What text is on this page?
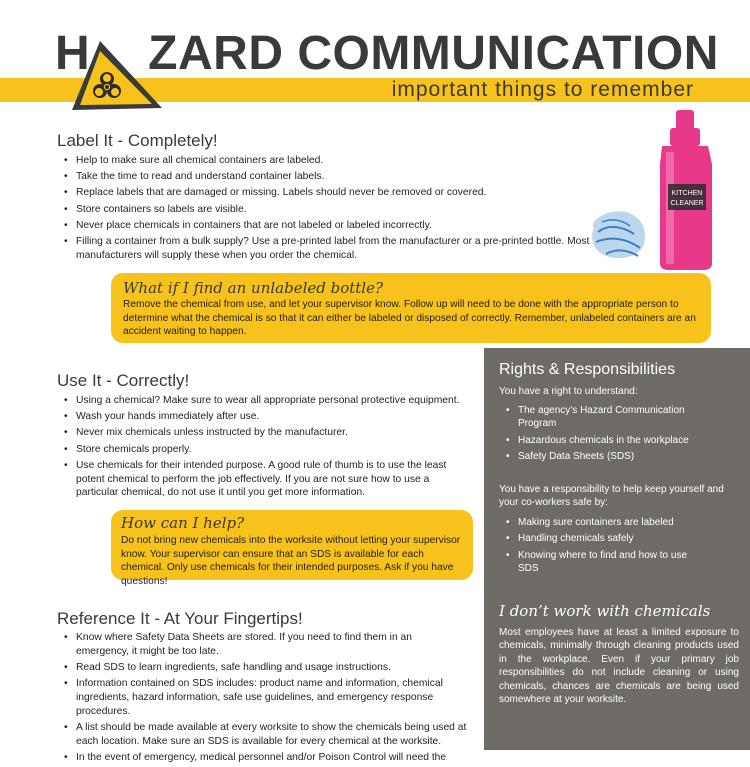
H ZARD COMMUNICATION
important things to remember
Label It - Completely!
• Help to make sure all chemical containers are labeled.
• Take the time to read and understand container labels.
• Replace labels that are damaged or missing. Labels should never be removed or covered.
• Store containers so labels are visible.
• Never place chemicals in containers that are not labeled or labeled incorrectly.
• Filling a container from a bulk supply? Use a pre-printed label from the manufacturer or a pre-printed bottle. Most manufacturers will supply these when you order the chemical.
KITCHEN
CLEANER
What if I find an unlabeled bottle?
Remove the chemical from use, and let your supervisor know. Follow up will need to be done with the appropriate person to determine what the chemical is so that it can either be labeled or disposed of correctly. Remember, unlabeled containers are an accident waiting to happen.
Use It - Correctly!
• Using a chemical? Make sure to wear all appropriate personal protective equipment.
• Wash your hands immediately after use.
• Never mix chemicals unless instructed by the manufacturer.
• Store chemicals properly.
• Use chemicals for their intended purpose. A good rule of thumb is to use the least potent chemical to perform the job effectively. If you are not sure how to use a particular chemical, do not use it until you get more information.
How can I help?
Do not bring new chemicals into the worksite without letting your supervisor know. Your supervisor can ensure that an SDS is available for each chemical. Only use chemicals for their intended purposes. Ask if you have questions!
Reference It - At Your Fingertips!
• Know where Safety Data Sheets are stored. If you need to find them in an emergency, it might be too late.
• Read SDS to learn ingredients, safe handling and usage instructions.
• Information contained on SDS includes: product name and information, chemical ingredients, hazard information, safe use guidelines, and emergency response procedures.
• A list should be made available at every worksite to show the chemicals being used at each location. Make sure an SDS is available for every chemical at the worksite.
• In the event of emergency, medical personnel and/or Poison Control will need the
Rights & Responsibilities
You have a right to understand:
• The agency’s Hazard Communication Program
• Hazardous chemicals in the workplace
• Safety Data Sheets (SDS)
You have a responsibility to help keep yourself and your co-workers safe by:
• Making sure containers are labeled
• Handling chemicals safely
• Knowing where to find and how to use SDS
I don’t work with chemicals
Most employees have at least a limited exposure to chemicals, minimally through cleaning products used in the workplace. Even if your primary job responsibilities do not include cleaning or using chemicals, chances are chemicals are being used somewhere at your worksite.
